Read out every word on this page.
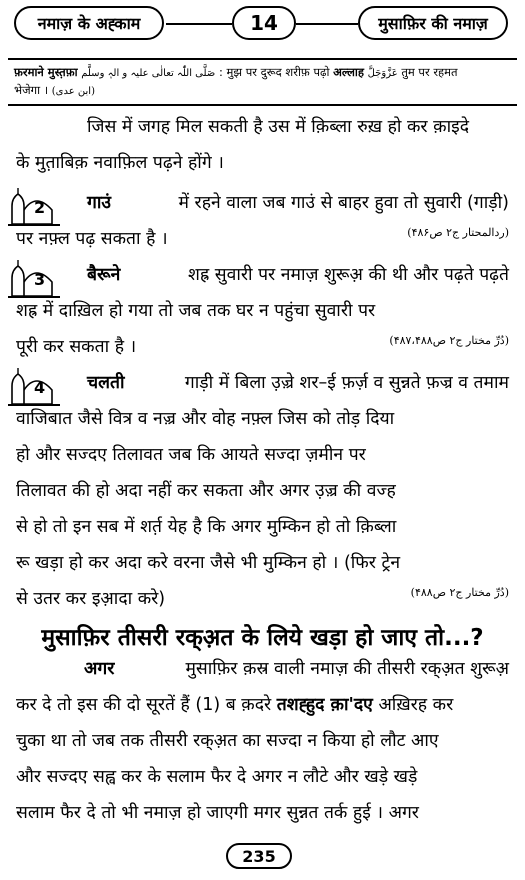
नमाज़ के अह्काम	14	मुसाफ़िर की नमाज़
फ़रमाने मुस्त़फ़ा صَلَّی اللّٰہ تعالٰی علیہ و الہٖ وسلَّم : मुझ पर दुरूद शरीफ़ पढ़ो अल्लाह عَزَّوَجَلَّ तुम पर रहमत
भेजेगा । (ابن عدی)
जिस में जगह मिल सकती है उस में क़िब्ला रुख़ हो कर क़ाइदे
के मुत़ाबिक़ नवाफ़िल पढ़ने होंगे ।
2 गाउं
	में रहने वाला जब गाउं से बाहर हुवा तो सुवारी (गाड़ी)
पर नफ़्ल पढ़ सकता है ।	(ردالمحتار ج۲ ص۴۸۶)
3 बैरूने
	शह्र सुवारी पर नमाज़ शुरूअ़ की थी और पढ़ते पढ़ते
शह्र में दाख़िल हो गया तो जब तक घर न पहुंचा सुवारी पर
पूरी कर सकता है ।	(دُرِّ مختار ج۲ ص۴۸۷،۴۸۸)
4 चलती
	गाड़ी में बिला उ़ज़्रे शर–ई फ़र्ज़ व सुन्नते फ़ज्र व तमाम
वाजिबात जैसे वित्र व नज़्र और वोह नफ़्ल जिस को तोड़ दिया
हो और सज्दए तिलावत जब कि आयते सज्दा ज़मीन पर
तिलावत की हो अदा नहीं कर सकता और अगर उ़ज़्र की वज्ह
से हो तो इन सब में शर्त़ येह है कि अगर मुम्किन हो तो क़िब्ला
रू खड़ा हो कर अदा करे वरना जैसे भी मुम्किन हो । (फिर ट्रेन
से उतर कर इआ़दा करे)	(دُرِّ مختار ج۲ ص۴۸۸)
मुसाफ़िर तीसरी रक्अ़त के लिये खड़ा हो जाए तो...?
अगर
	मुसाफ़िर क़स्र वाली नमाज़ की तीसरी रक्अ़त शुरूअ़
कर दे तो इस की दो सूरतें हैं (1) ब क़दरे तशह्हुद क़ा'दए अख़िरह कर
चुका था तो जब तक तीसरी रक्अ़त का सज्दा न किया हो लौट आए
और सज्दए सह्व कर के सलाम फैर दे अगर न लौटे और खड़े खड़े
सलाम फैर दे तो भी नमाज़ हो जाएगी मगर सुन्नत तर्क हुई । अगर
235
